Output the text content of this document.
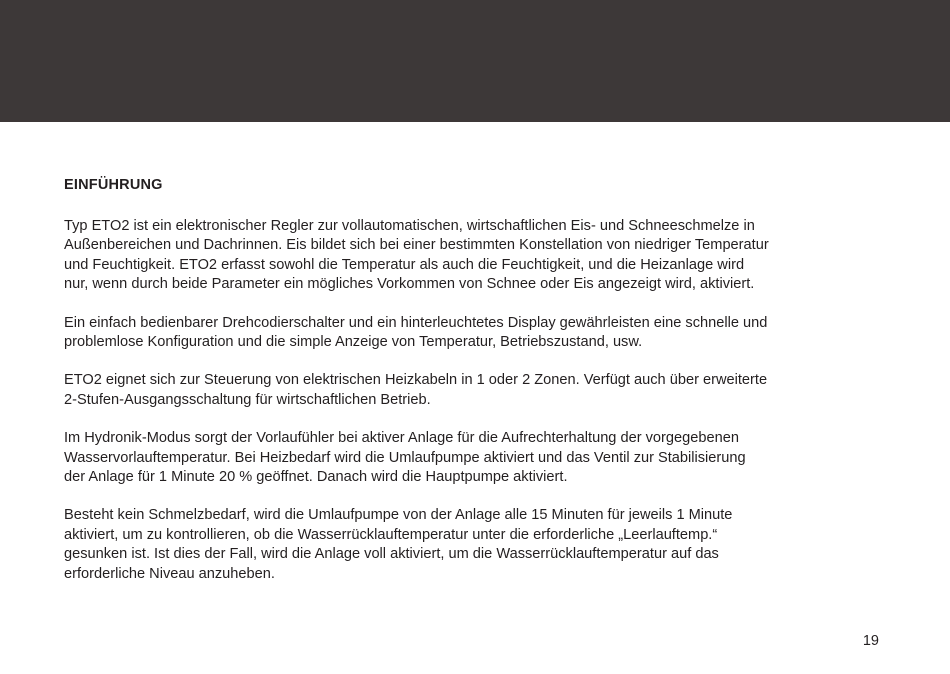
EINFÜHRUNG

Typ ETO2 ist ein elektronischer Regler zur vollautomatischen, wirtschaftlichen Eis- und Schneeschmelze in
Außenbereichen und Dachrinnen. Eis bildet sich bei einer bestimmten Konstellation von niedriger Temperatur
und Feuchtigkeit. ETO2 erfasst sowohl die Temperatur als auch die Feuchtigkeit, und die Heizanlage wird
nur, wenn durch beide Parameter ein mögliches Vorkommen von Schnee oder Eis angezeigt wird, aktiviert.

Ein einfach bedienbarer Drehcodierschalter und ein hinterleuchtetes Display gewährleisten eine schnelle und
problemlose Konfiguration und die simple Anzeige von Temperatur, Betriebszustand, usw.

ETO2 eignet sich zur Steuerung von elektrischen Heizkabeln in 1 oder 2 Zonen. Verfügt auch über erweiterte
2-Stufen-Ausgangsschaltung für wirtschaftlichen Betrieb.

Im Hydronik-Modus sorgt der Vorlaufühler bei aktiver Anlage für die Aufrechterhaltung der vorgegebenen
Wasservorlauftemperatur. Bei Heizbedarf wird die Umlaufpumpe aktiviert und das Ventil zur Stabilisierung
der Anlage für 1 Minute 20 % geöffnet. Danach wird die Hauptpumpe aktiviert.

Besteht kein Schmelzbedarf, wird die Umlaufpumpe von der Anlage alle 15 Minuten für jeweils 1 Minute
aktiviert, um zu kontrollieren, ob die Wasserrücklauftemperatur unter die erforderliche „Leerlauftemp.“
gesunken ist. Ist dies der Fall, wird die Anlage voll aktiviert, um die Wasserrücklauftemperatur auf das
erforderliche Niveau anzuheben.

19
